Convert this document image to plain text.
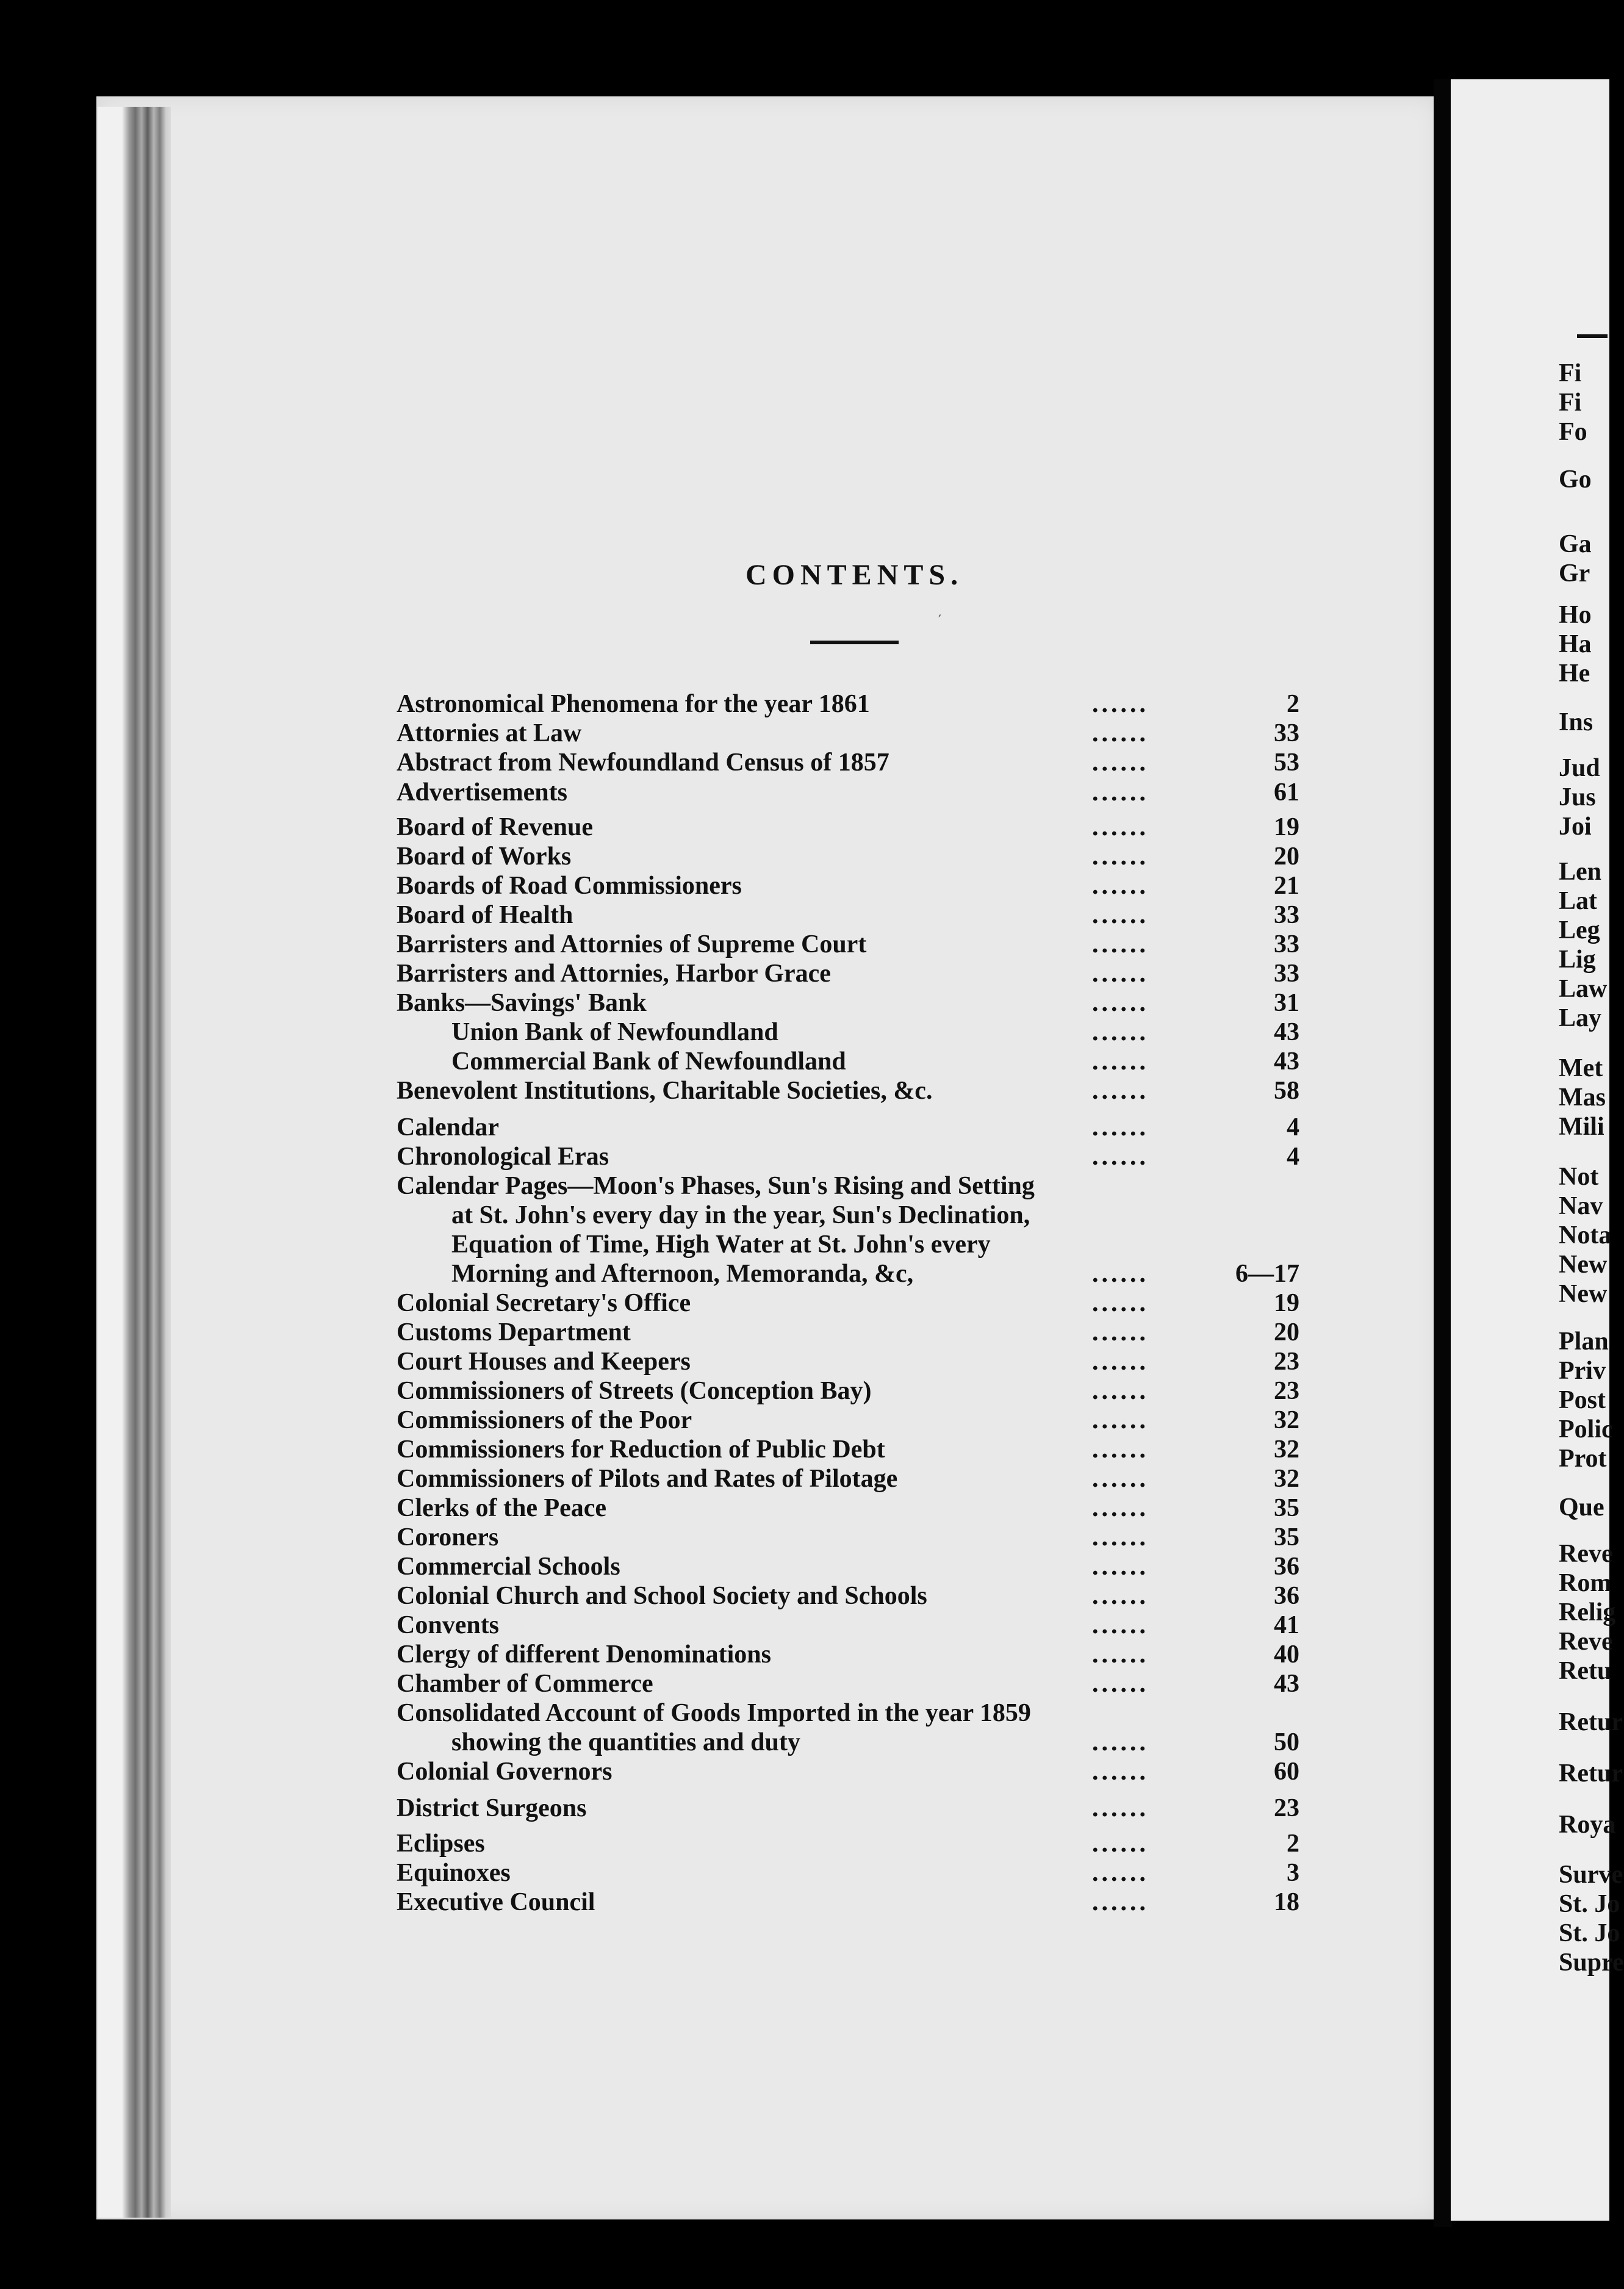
CONTENTS.
′
Astronomical Phenomena for the year 1861	......	2
Attornies at Law	......	33
Abstract from Newfoundland Census of 1857	......	53
Advertisements	......	61
Board of Revenue	......	19
Board of Works	......	20
Boards of Road Commissioners	......	21
Board of Health	......	33
Barristers and Attornies of Supreme Court	......	33
Barristers and Attornies, Harbor Grace	......	33
Banks—Savings' Bank	......	31
Union Bank of Newfoundland	......	43
Commercial Bank of Newfoundland	......	43
Benevolent Institutions, Charitable Societies, &c.	......	58
Calendar	......	4
Chronological Eras	......	4
Calendar Pages—Moon's Phases, Sun's Rising and Setting
at St. John's every day in the year, Sun's Declination,
Equation of Time, High Water at St. John's every
Morning and Afternoon, Memoranda, &c,	......	6—17
Colonial Secretary's Office	......	19
Customs Department	......	20
Court Houses and Keepers	......	23
Commissioners of Streets (Conception Bay)	......	23
Commissioners of the Poor	......	32
Commissioners for Reduction of Public Debt	......	32
Commissioners of Pilots and Rates of Pilotage	......	32
Clerks of the Peace	......	35
Coroners	......	35
Commercial Schools	......	36
Colonial Church and School Society and Schools	......	36
Convents	......	41
Clergy of different Denominations	......	40
Chamber of Commerce	......	43
Consolidated Account of Goods Imported in the year 1859
showing the quantities and duty	......	50
Colonial Governors	......	60
District Surgeons	......	23
Eclipses	......	2
Equinoxes	......	3
Executive Council	......	18
Fi
Fi
Fo
Go
Ga
Gr
Ho
Ha
He
Ins
Jud
Jus
Joi
Len
Lat
Leg
Lig
Law
Lay
Met
Mas
Mili
Not
Nav
Nota
New
New
Plan
Priv
Post
Polic
Prot
Que
Reve
Rom
Relig
Reve
Retu
Retur
Retur
Roya
Surve
St. Jo
St. Jo
Supre
